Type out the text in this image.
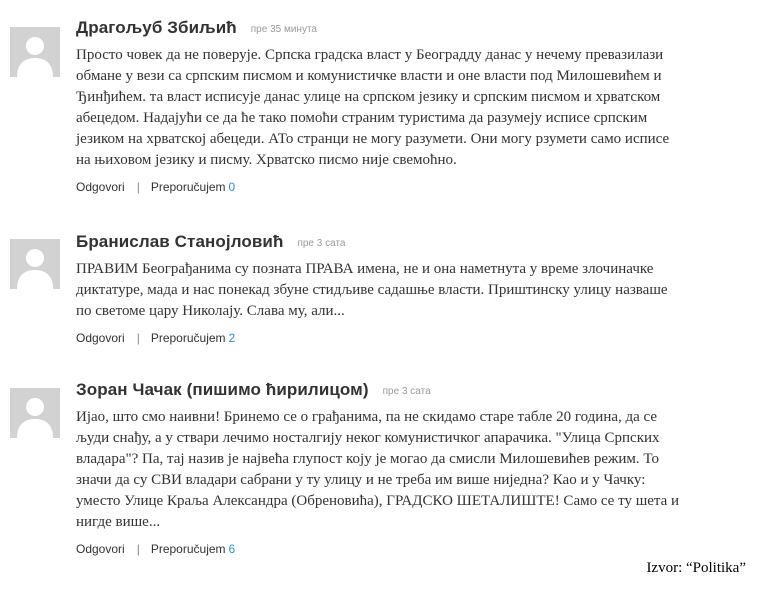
Драгољуб Збиљић пре 35 минута
Просто човек да не поверује. Српска градска власт у Београдду данас у нечему превазилази обмане у вези са српским писмом и комунистичке власти и оне власти под Милошевићем и Ђинђићем. та власт исписује данас улице на српском језику и српским писмом и хрватском абецедом. Надајући се да ће тако помоћи страним туристима да разумеју исписе српским језиком на хрватској абецеди. АТо странци не могу разумети. Они могу рзумети само исписе на њиховом језику и писму. Хрватско писмо није свемоћно.
Odgovori | Preporučujem 0
Бранислав Станојловић пре 3 сата
ПРАВИМ Београђанима су позната ПРАВА имена, не и она наметнута у време злочиначке диктатуре, мада и нас понекад збуне стидљиве садашње власти. Приштинску улицу назваше по светоме цару Николају. Слава му, али...
Odgovori | Preporučujem 2
Зоран Чачак (пишимо ћирилицом) пре 3 сата
Ијао, што смо наивни! Бринемо се о грађанима, па не скидамо старе табле 20 година, да се људи снађу, а у ствари лечимо носталгију неког комунистичког апарачика. "Улица Српских владара"? Па, тај назив је највећа глупост коју је могао да смисли Милошевићев режим. То значи да су СВИ владари сабрани у ту улицу и не треба им више ниједна? Као и у Чачку: уместо Улице Краља Александра (Обреновића), ГРАДСКО ШЕТАЛИШТЕ! Само се ту шета и нигде више...
Odgovori | Preporučujem 6
Izvor: “Politika”
